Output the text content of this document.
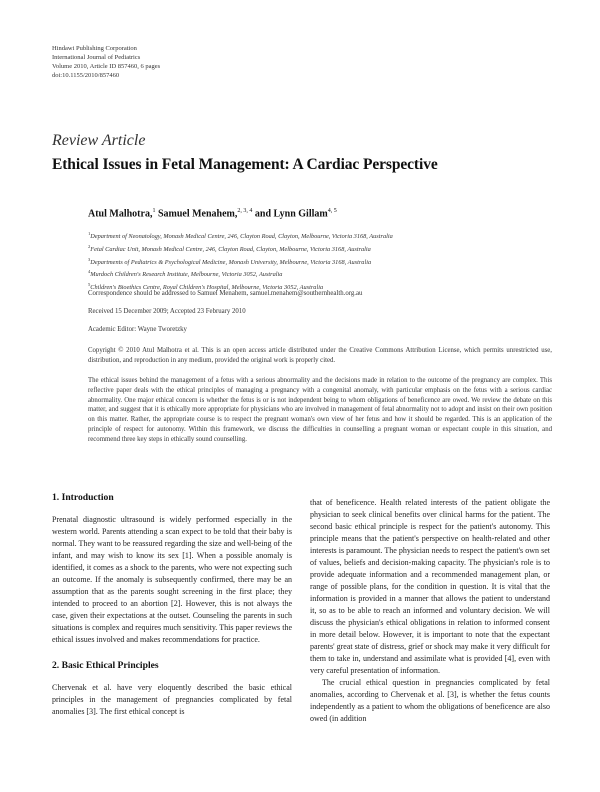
Hindawi Publishing Corporation
International Journal of Pediatrics
Volume 2010, Article ID 857460, 6 pages
doi:10.1155/2010/857460
Review Article
Ethical Issues in Fetal Management: A Cardiac Perspective
Atul Malhotra,$^1$ Samuel Menahem,$^{2, 3, 4}$ and Lynn Gillam$^{4, 5}$
$^1$Department of Neonatology, Monash Medical Centre, 246, Clayton Road, Clayton, Melbourne, Victoria 3168, Australia
$^2$Fetal Cardiac Unit, Monash Medical Centre, 246, Clayton Road, Clayton, Melbourne, Victoria 3168, Australia
$^3$Departments of Pediatrics & Psychological Medicine, Monash University, Melbourne, Victoria 3168, Australia
$^4$Murdoch Children's Research Institute, Melbourne, Victoria 3052, Australia
$^5$Children's Bioethics Centre, Royal Children's Hospital, Melbourne, Victoria 3052, Australia
Correspondence should be addressed to Samuel Menahem, samuel.menahem@southernhealth.org.au
Received 15 December 2009; Accepted 23 February 2010
Academic Editor: Wayne Tworetzky
Copyright © 2010 Atul Malhotra et al. This is an open access article distributed under the Creative Commons Attribution License, which permits unrestricted use, distribution, and reproduction in any medium, provided the original work is properly cited.
The ethical issues behind the management of a fetus with a serious abnormality and the decisions made in relation to the outcome of the pregnancy are complex. This reflective paper deals with the ethical principles of managing a pregnancy with a congenital anomaly, with particular emphasis on the fetus with a serious cardiac abnormality. One major ethical concern is whether the fetus is or is not independent being to whom obligations of beneficence are owed. We review the debate on this matter, and suggest that it is ethically more appropriate for physicians who are involved in management of fetal abnormality not to adopt and insist on their own position on this matter. Rather, the appropriate course is to respect the pregnant woman's own view of her fetus and how it should be regarded. This is an application of the principle of respect for autonomy. Within this framework, we discuss the difficulties in counselling a pregnant woman or expectant couple in this situation, and recommend three key steps in ethically sound counselling.
1. Introduction

Prenatal diagnostic ultrasound is widely performed especially in the western world. Parents attending a scan expect to be told that their baby is normal. They want to be reassured regarding the size and well-being of the infant, and may wish to know its sex [1]. When a possible anomaly is identified, it comes as a shock to the parents, who were not expecting such an outcome. If the anomaly is subsequently confirmed, there may be an assumption that as the parents sought screening in the first place; they intended to proceed to an abortion [2]. However, this is not always the case, given their expectations at the outset. Counseling the parents in such situations is complex and requires much sensitivity. This paper reviews the ethical issues involved and makes recommendations for practice.

2. Basic Ethical Principles

Chervenak et al. have very eloquently described the basic ethical principles in the management of pregnancies complicated by fetal anomalies [3]. The first ethical concept is

that of beneficence. Health related interests of the patient obligate the physician to seek clinical benefits over clinical harms for the patient. The second basic ethical principle is respect for the patient's autonomy. This principle means that the patient's perspective on health-related and other interests is paramount. The physician needs to respect the patient's own set of values, beliefs and decision-making capacity. The physician's role is to provide adequate information and a recommended management plan, or range of possible plans, for the condition in question. It is vital that the information is provided in a manner that allows the patient to understand it, so as to be able to reach an informed and voluntary decision. We will discuss the physician's ethical obligations in relation to informed consent in more detail below. However, it is important to note that the expectant parents' great state of distress, grief or shock may make it very difficult for them to take in, understand and assimilate what is provided [4], even with very careful presentation of information.

The crucial ethical question in pregnancies complicated by fetal anomalies, according to Chervenak et al. [3], is whether the fetus counts independently as a patient to whom the obligations of beneficence are also owed (in addition
